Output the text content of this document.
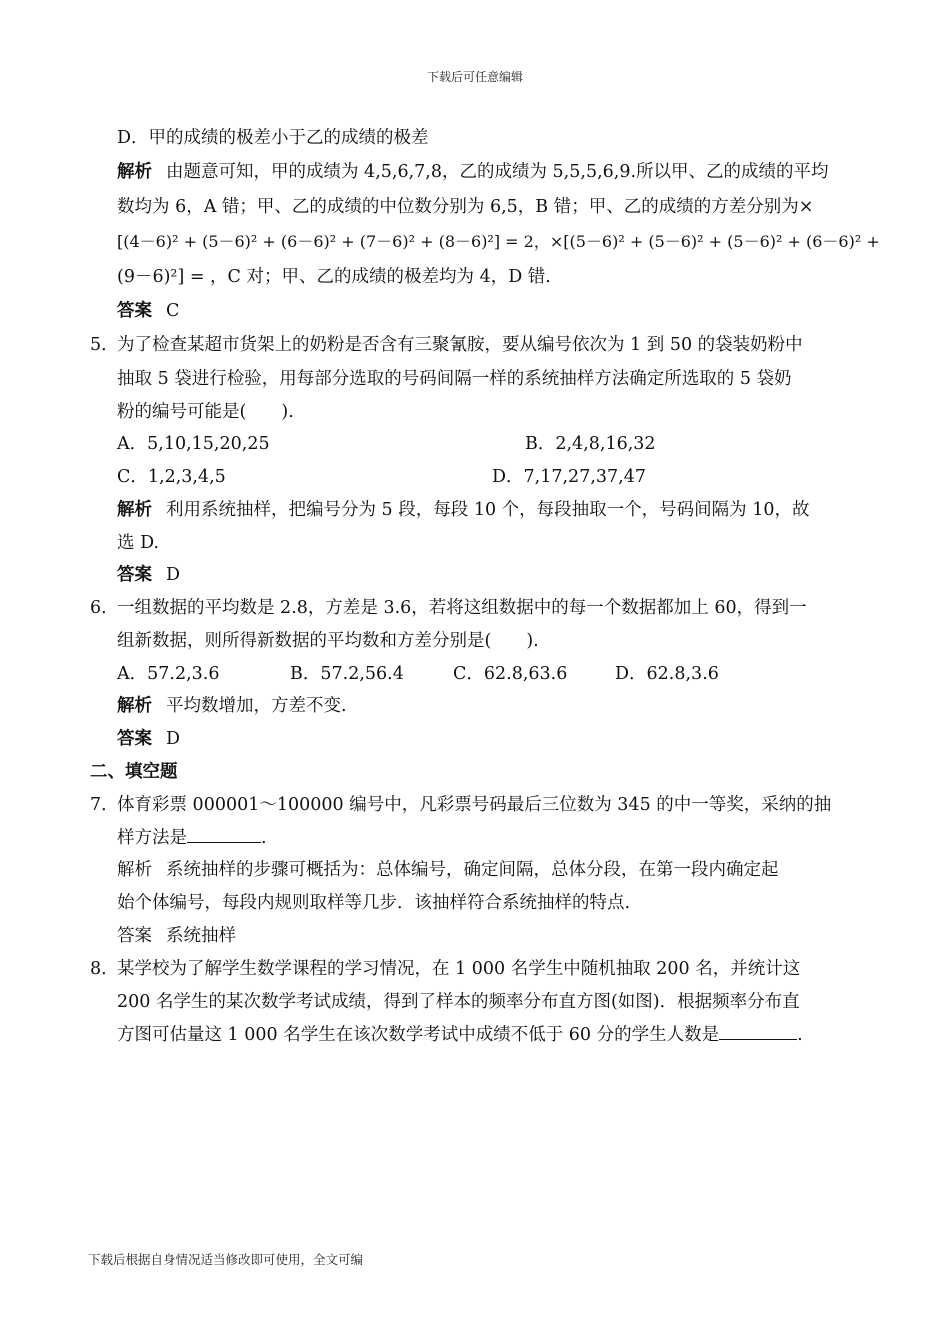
下载后可任意编辑
D．甲的成绩的极差小于乙的成绩的极差
解析 由题意可知，甲的成绩为 4,5,6,7,8，乙的成绩为 5,5,5,6,9.所以甲、乙的成绩的平均
数均为 6，A 错；甲、乙的成绩的中位数分别为 6,5，B 错；甲、乙的成绩的方差分别为×
[(4－6)² + (5－6)² + (6－6)² + (7－6)² + (8－6)²] = 2，×[(5－6)² + (5－6)² + (5－6)² + (6－6)² +
(9－6)²] = ，C 对；甲、乙的成绩的极差均为 4，D 错.
答案 C
5．
为了检查某超市货架上的奶粉是否含有三聚氰胺，要从编号依次为 1 到 50 的袋装奶粉中
抽取 5 袋进行检验，用每部分选取的号码间隔一样的系统抽样方法确定所选取的 5 袋奶
粉的编号可能是(　　).
A．5,10,15,20,25	B．2,4,8,16,32
C．1,2,3,4,5	D．7,17,27,37,47
解析 利用系统抽样，把编号分为 5 段，每段 10 个，每段抽取一个，号码间隔为 10，故
选 D.
答案 D
6．
一组数据的平均数是 2.8，方差是 3.6，若将这组数据中的每一个数据都加上 60，得到一
组新数据，则所得新数据的平均数和方差分别是(　　).
A．57.2,3.6	B．57.2,56.4	C．62.8,63.6	D．62.8,3.6
解析 平均数增加，方差不变.
答案 D
二、填空题
7．
体育彩票 000001～100000 编号中，凡彩票号码最后三位数为 345 的中一等奖，采纳的抽
样方法是	.
解析 系统抽样的步骤可概括为：总体编号，确定间隔，总体分段，在第一段内确定起
始个体编号，每段内规则取样等几步．该抽样符合系统抽样的特点.
答案 系统抽样
8．
某学校为了解学生数学课程的学习情况，在 1 000 名学生中随机抽取 200 名，并统计这
200 名学生的某次数学考试成绩，得到了样本的频率分布直方图(如图)．根据频率分布直
方图可估量这 1 000 名学生在该次数学考试中成绩不低于 60 分的学生人数是	.
下载后根据自身情况适当修改即可使用，全文可编
